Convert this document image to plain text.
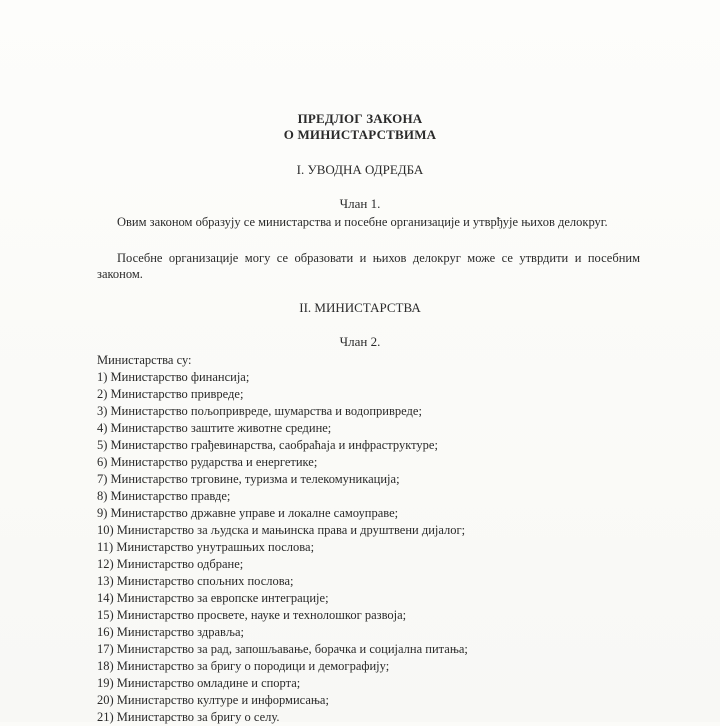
ПРЕДЛОГ ЗАКОНА
О МИНИСТАРСТВИМА
I. УВОДНА ОДРЕДБА
Члан 1.

Овим законом образују се министарства и посебне организације и утврђује њихов делокруг.

Посебне организације могу се образовати и њихов делокруг може се утврдити и посебним законом.

II. МИНИСТАРСТВА
Члан 2.
Министарства су:
1) Министарство финансија;
2) Министарство привреде;
3) Министарство пољопривреде, шумарства и водопривреде;
4) Министарство заштите животне средине;
5) Министарство грађевинарства, саобраћаја и инфраструктуре;
6) Министарство рударства и енергетике;
7) Министарство трговине, туризма и телекомуникација;
8) Министарство правде;
9) Министарство државне управе и локалне самоуправе;
10) Министарство за људска и мањинска права и друштвени дијалог;
11) Министарство унутрашњих послова;
12) Министарство одбране;
13) Министарство спољних послова;
14) Министарство за европске интеграције;
15) Министарство просвете, науке и технолошког развоја;
16) Министарство здравља;
17) Министарство за рад, запошљавање, борачка и социјална питања;
18) Министарство за бригу о породици и демографију;
19) Министарство омладине и спорта;
20) Министарство културе и информисања;
21) Министарство за бригу о селу.
